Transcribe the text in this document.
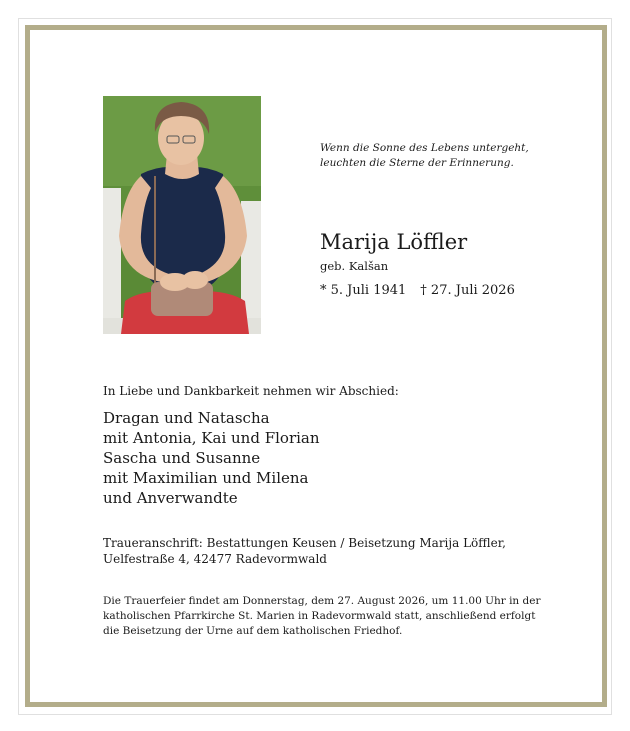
Wenn die Sonne des Lebens untergeht,
leuchten die Sterne der Erinnerung.
Marija Löffler
geb. Kalšan
* 5. Juli 1941 † 27. Juli 2026
In Liebe und Dankbarkeit nehmen wir Abschied:
Dragan und Natascha
mit Antonia, Kai und Florian
Sascha und Susanne
mit Maximilian und Milena
und Anverwandte
Traueranschrift: Bestattungen Keusen / Beisetzung Marija Löffler,
Uelfestraße 4, 42477 Radevormwald
Die Trauerfeier findet am Donnerstag, dem 27. August 2026, um 11.00 Uhr in der
katholischen Pfarrkirche St. Marien in Radevormwald statt, anschließend erfolgt
die Beisetzung der Urne auf dem katholischen Friedhof.
